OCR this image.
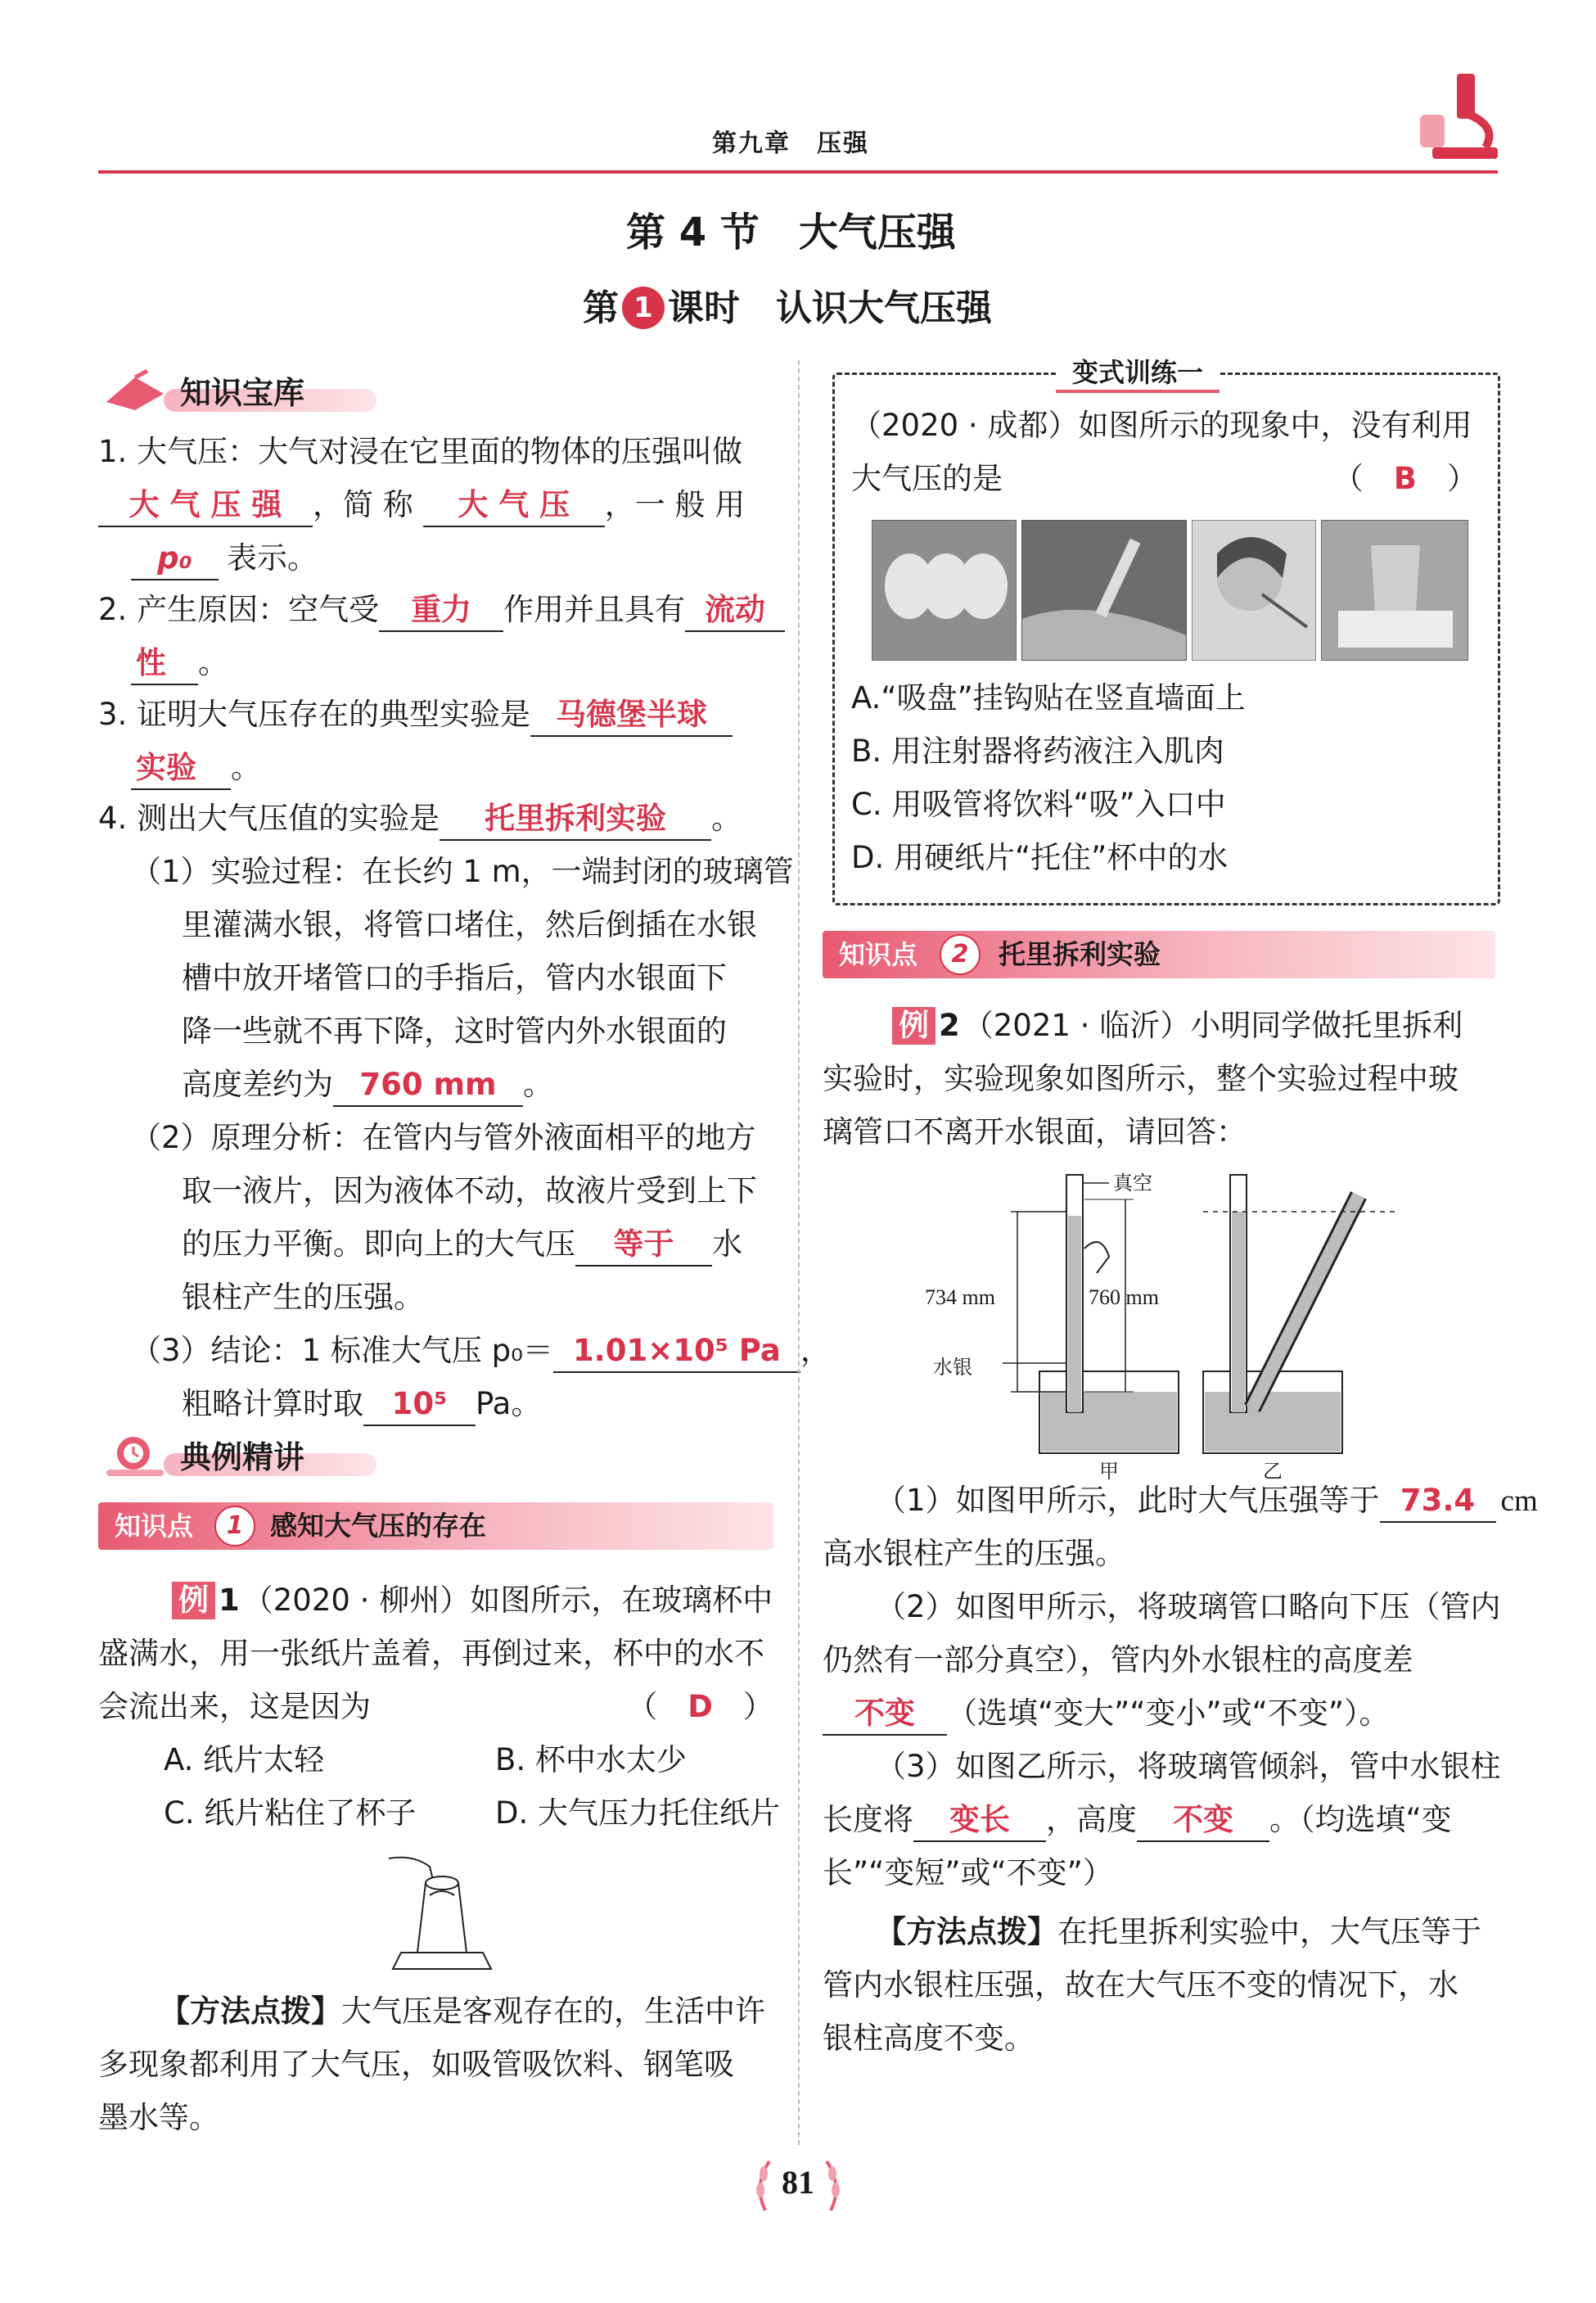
第九章　压强
第 4 节　大气压强
第 1 课时　认识大气压强
知识宝库
1. 大气压：大气对浸在它里面的物体的压强叫做
大 气 压 强 ，简 称 大 气 压 ，一 般 用
p₀ 表示。
2. 产生原因：空气受 重力 作用并且具有 流动
性 。
3. 证明大气压存在的典型实验是 马德堡半球
实验 。
4. 测出大气压值的实验是 托里拆利实验 。
（1）实验过程：在长约 1 m，一端封闭的玻璃管
里灌满水银，将管口堵住，然后倒插在水银
槽中放开堵管口的手指后，管内水银面下
降一些就不再下降，这时管内外水银面的
高度差约为 760 mm 。
（2）原理分析：在管内与管外液面相平的地方
取一液片，因为液体不动，故液片受到上下
的压力平衡。即向上的大气压 等于 水
银柱产生的压强。
（3）结论：1 标准大气压 p₀＝ 1.01×10⁵ Pa ，
粗略计算时取 10⁵ Pa。
典例精讲
知识点	1 感知大气压的存在
例 1 （2020 · 柳州）如图所示，在玻璃杯中
盛满水，用一张纸片盖着，再倒过来，杯中的水不
会流出来，这是因为	（　D　）
A. 纸片太轻	B. 杯中水太少
C. 纸片粘住了杯子	D. 大气压力托住纸片
【方法点拨】大气压是客观存在的，生活中许
多现象都利用了大气压，如吸管吸饮料、钢笔吸
墨水等。
变式训练一
（2020 · 成都）如图所示的现象中，没有利用
大气压的是	（　B　）
A.“吸盘”挂钩贴在竖直墙面上
B. 用注射器将药液注入肌肉
C. 用吸管将饮料“吸”入口中
D. 用硬纸片“托住”杯中的水
知识点	2	托里拆利实验
例 2 （2021 · 临沂）小明同学做托里拆利
实验时，实验现象如图所示，整个实验过程中玻
璃管口不离开水银面，请回答：
真空
734 mm	760 mm
水银
甲	乙
（1）如图甲所示，此时大气压强等于 73.4 cm
高水银柱产生的压强。
（2）如图甲所示，将玻璃管口略向下压（管内
仍然有一部分真空），管内外水银柱的高度差
不变 （选填“变大”“变小”或“不变”）。
（3）如图乙所示，将玻璃管倾斜，管中水银柱
长度将 变长 ，高度 不变 。（均选填“变
长”“变短”或“不变”）
【方法点拨】在托里拆利实验中，大气压等于
管内水银柱压强，故在大气压不变的情况下，水
银柱高度不变。
81
